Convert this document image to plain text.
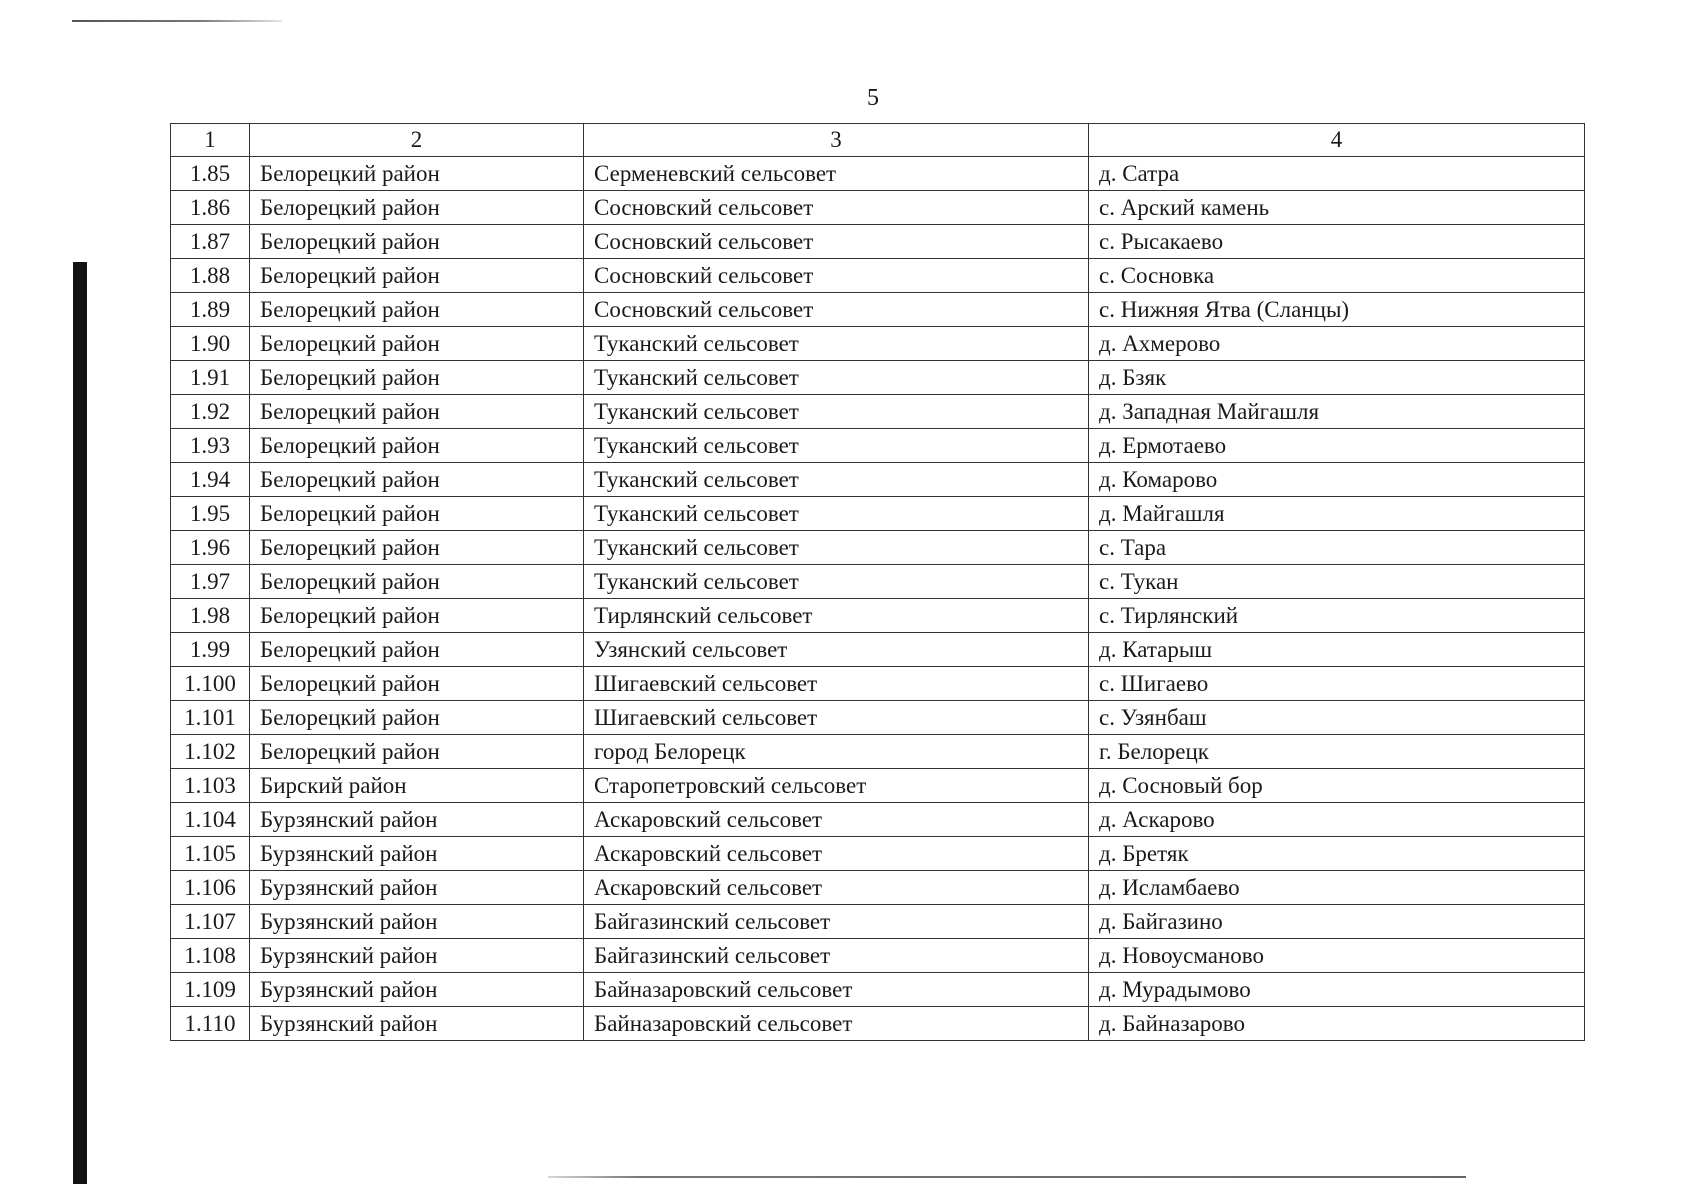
5
1	2	3	4
1.85	Белорецкий район	Серменевский сельсовет	д. Сатра
1.86	Белорецкий район	Сосновский сельсовет	с. Арский камень
1.87	Белорецкий район	Сосновский сельсовет	с. Рысакаево
1.88	Белорецкий район	Сосновский сельсовет	с. Сосновка
1.89	Белорецкий район	Сосновский сельсовет	с. Нижняя Ятва (Сланцы)
1.90	Белорецкий район	Туканский сельсовет	д. Ахмерово
1.91	Белорецкий район	Туканский сельсовет	д. Бзяк
1.92	Белорецкий район	Туканский сельсовет	д. Западная Майгашля
1.93	Белорецкий район	Туканский сельсовет	д. Ермотаево
1.94	Белорецкий район	Туканский сельсовет	д. Комарово
1.95	Белорецкий район	Туканский сельсовет	д. Майгашля
1.96	Белорецкий район	Туканский сельсовет	с. Тара
1.97	Белорецкий район	Туканский сельсовет	с. Тукан
1.98	Белорецкий район	Тирлянский сельсовет	с. Тирлянский
1.99	Белорецкий район	Узянский сельсовет	д. Катарыш
1.100	Белорецкий район	Шигаевский сельсовет	с. Шигаево
1.101	Белорецкий район	Шигаевский сельсовет	с. Узянбаш
1.102	Белорецкий район	город Белорецк	г. Белорецк
1.103	Бирский район	Старопетровский сельсовет	д. Сосновый бор
1.104	Бурзянский район	Аскаровский сельсовет	д. Аскарово
1.105	Бурзянский район	Аскаровский сельсовет	д. Бретяк
1.106	Бурзянский район	Аскаровский сельсовет	д. Исламбаево
1.107	Бурзянский район	Байгазинский сельсовет	д. Байгазино
1.108	Бурзянский район	Байгазинский сельсовет	д. Новоусманово
1.109	Бурзянский район	Байназаровский сельсовет	д. Мурадымово
1.110	Бурзянский район	Байназаровский сельсовет	д. Байназарово
